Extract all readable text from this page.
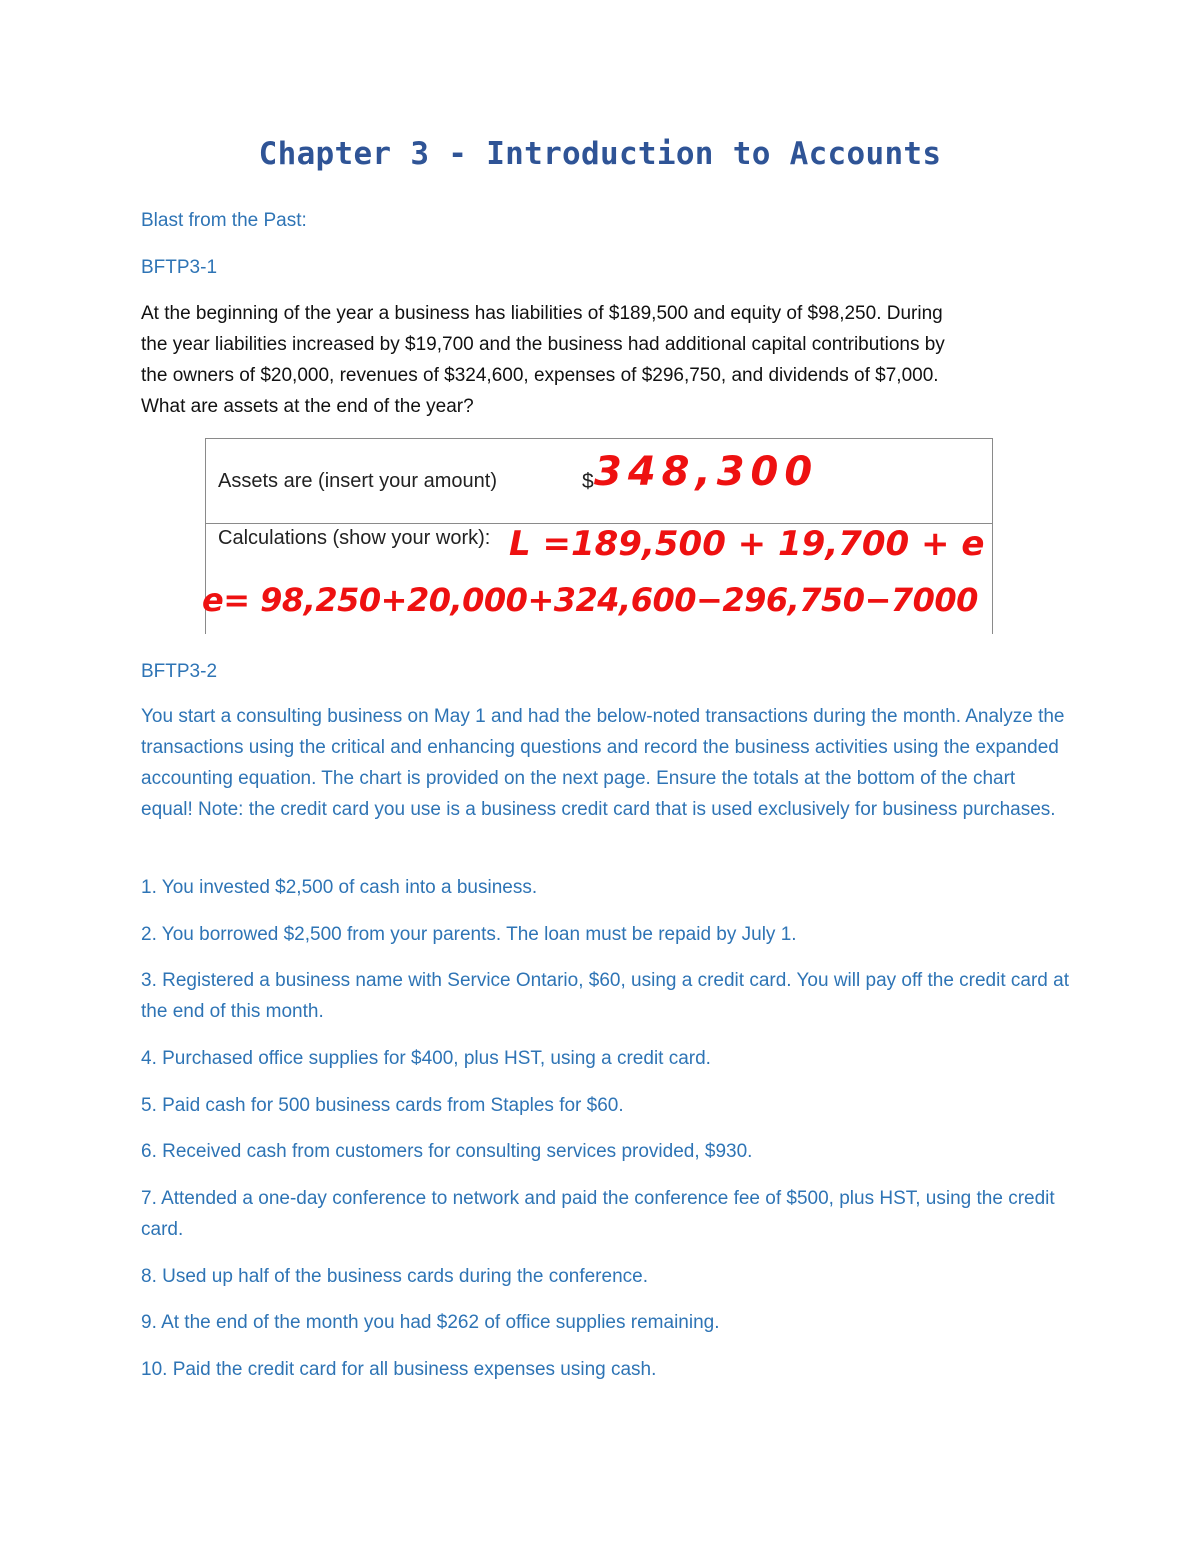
Chapter 3 - Introduction to Accounts
Blast from the Past:
BFTP3-1
At the beginning of the year a business has liabilities of $189,500 and equity of $98,250. During
the year liabilities increased by $19,700 and the business had additional capital contributions by
the owners of $20,000, revenues of $324,600, expenses of $296,750, and dividends of $7,000.
What are assets at the end of the year?
Assets are (insert your amount)	$ 348,300
Calculations (show your work): L =189,500 + 19,700 + e
e= 98,250+20,000+324,600−296,750−7000
BFTP3-2
You start a consulting business on May 1 and had the below-noted transactions during the month. Analyze the transactions using the critical and enhancing questions and record the business activities using the expanded accounting equation. The chart is provided on the next page. Ensure the totals at the bottom of the chart equal! Note: the credit card you use is a business credit card that is used exclusively for business purchases.
1. You invested $2,500 of cash into a business.
2. You borrowed $2,500 from your parents. The loan must be repaid by July 1.
3. Registered a business name with Service Ontario, $60, using a credit card. You will pay off the credit card at the end of this month.
4. Purchased office supplies for $400, plus HST, using a credit card.
5. Paid cash for 500 business cards from Staples for $60.
6. Received cash from customers for consulting services provided, $930.
7. Attended a one-day conference to network and paid the conference fee of $500, plus HST, using the credit card.
8. Used up half of the business cards during the conference.
9. At the end of the month you had $262 of office supplies remaining.
10. Paid the credit card for all business expenses using cash.
